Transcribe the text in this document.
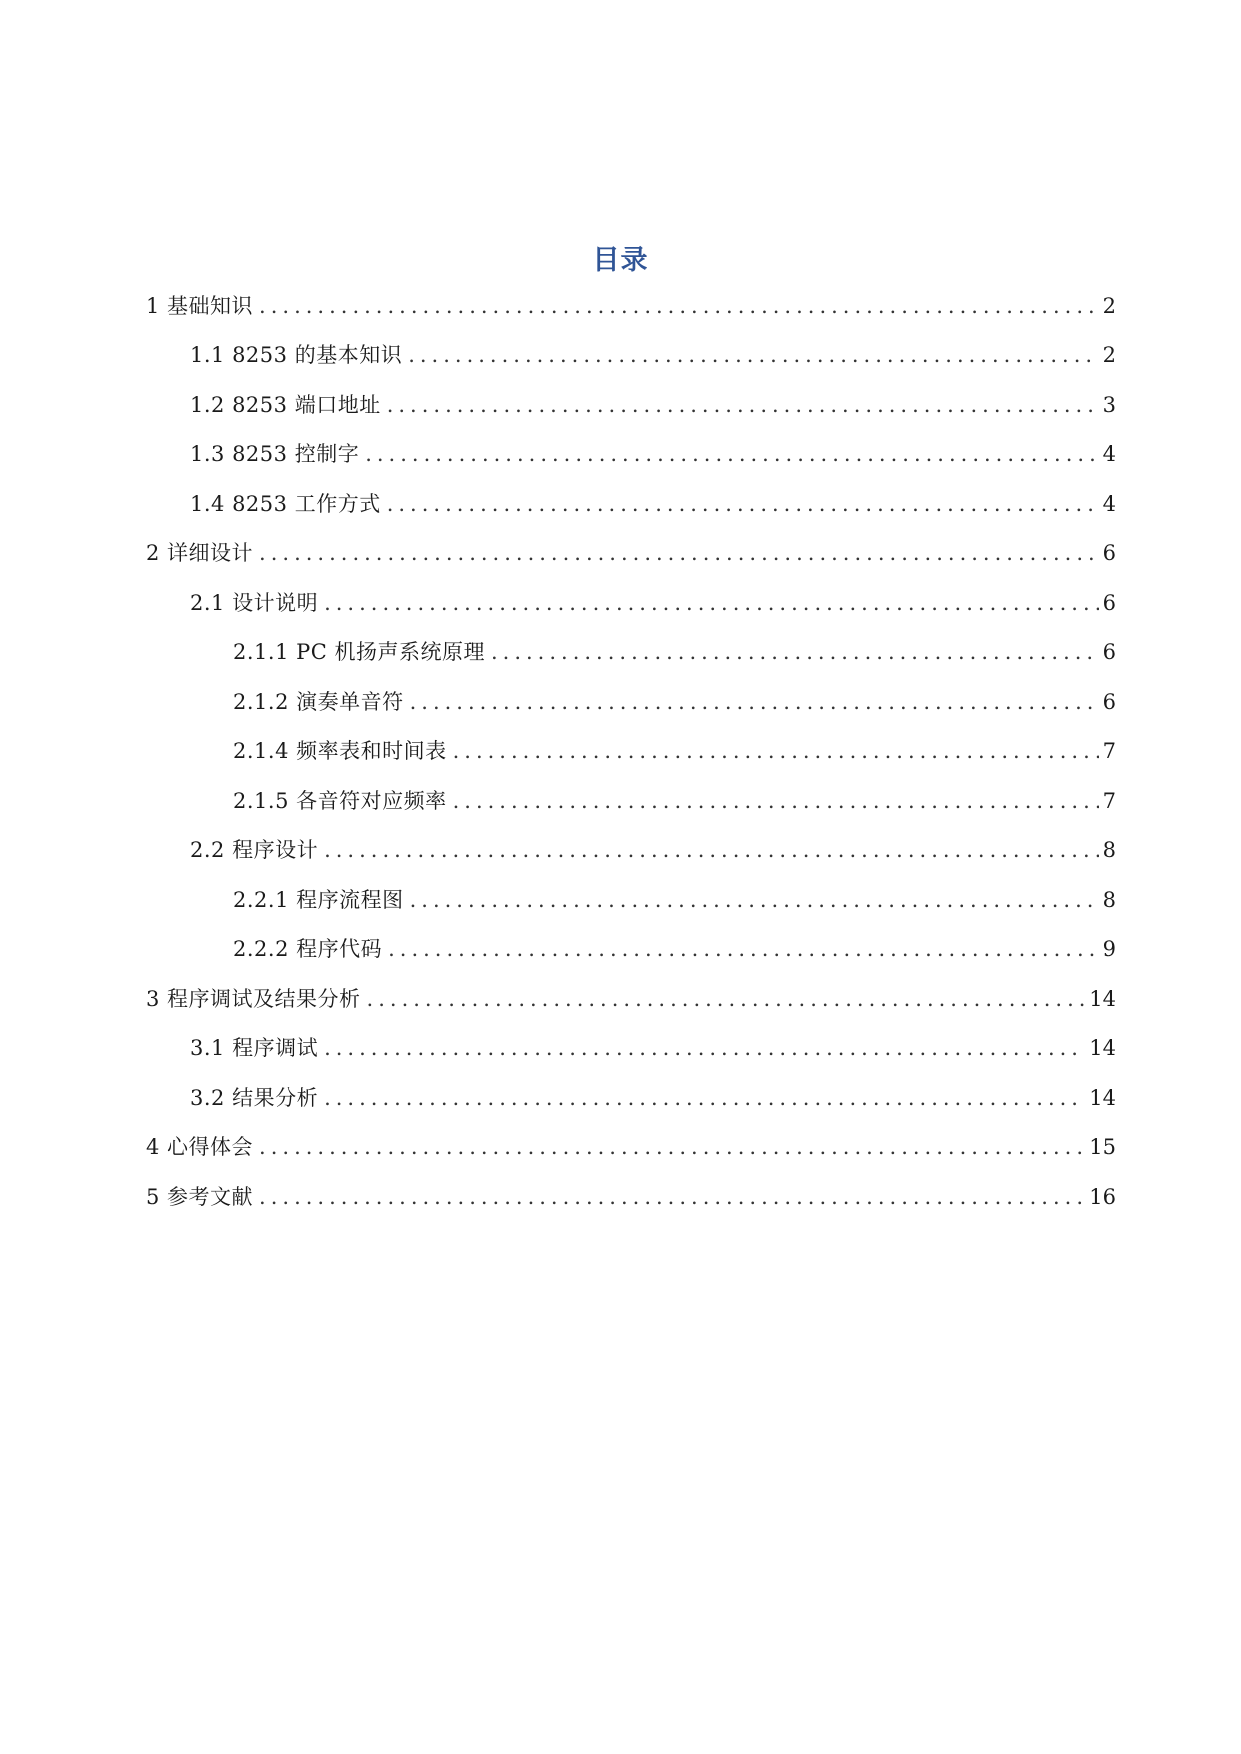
目录
1 基础知识 .....	2
1.1 8253 的基本知识 .....	2
1.2 8253 端口地址 .....	3
1.3 8253 控制字 .....	4
1.4 8253 工作方式 .....	4
2 详细设计 .....	6
2.1 设计说明 .....	6
2.1.1 PC 机扬声系统原理 .....	6
2.1.2 演奏单音符 .....	6
2.1.4 频率表和时间表 .....	7
2.1.5 各音符对应频率 .....	7
2.2 程序设计 .....	8
2.2.1 程序流程图 .....	8
2.2.2 程序代码 .....	9
3 程序调试及结果分析 .....	14
3.1 程序调试 .....	14
3.2 结果分析 .....	14
4 心得体会 .....	15
5 参考文献 .....	16
